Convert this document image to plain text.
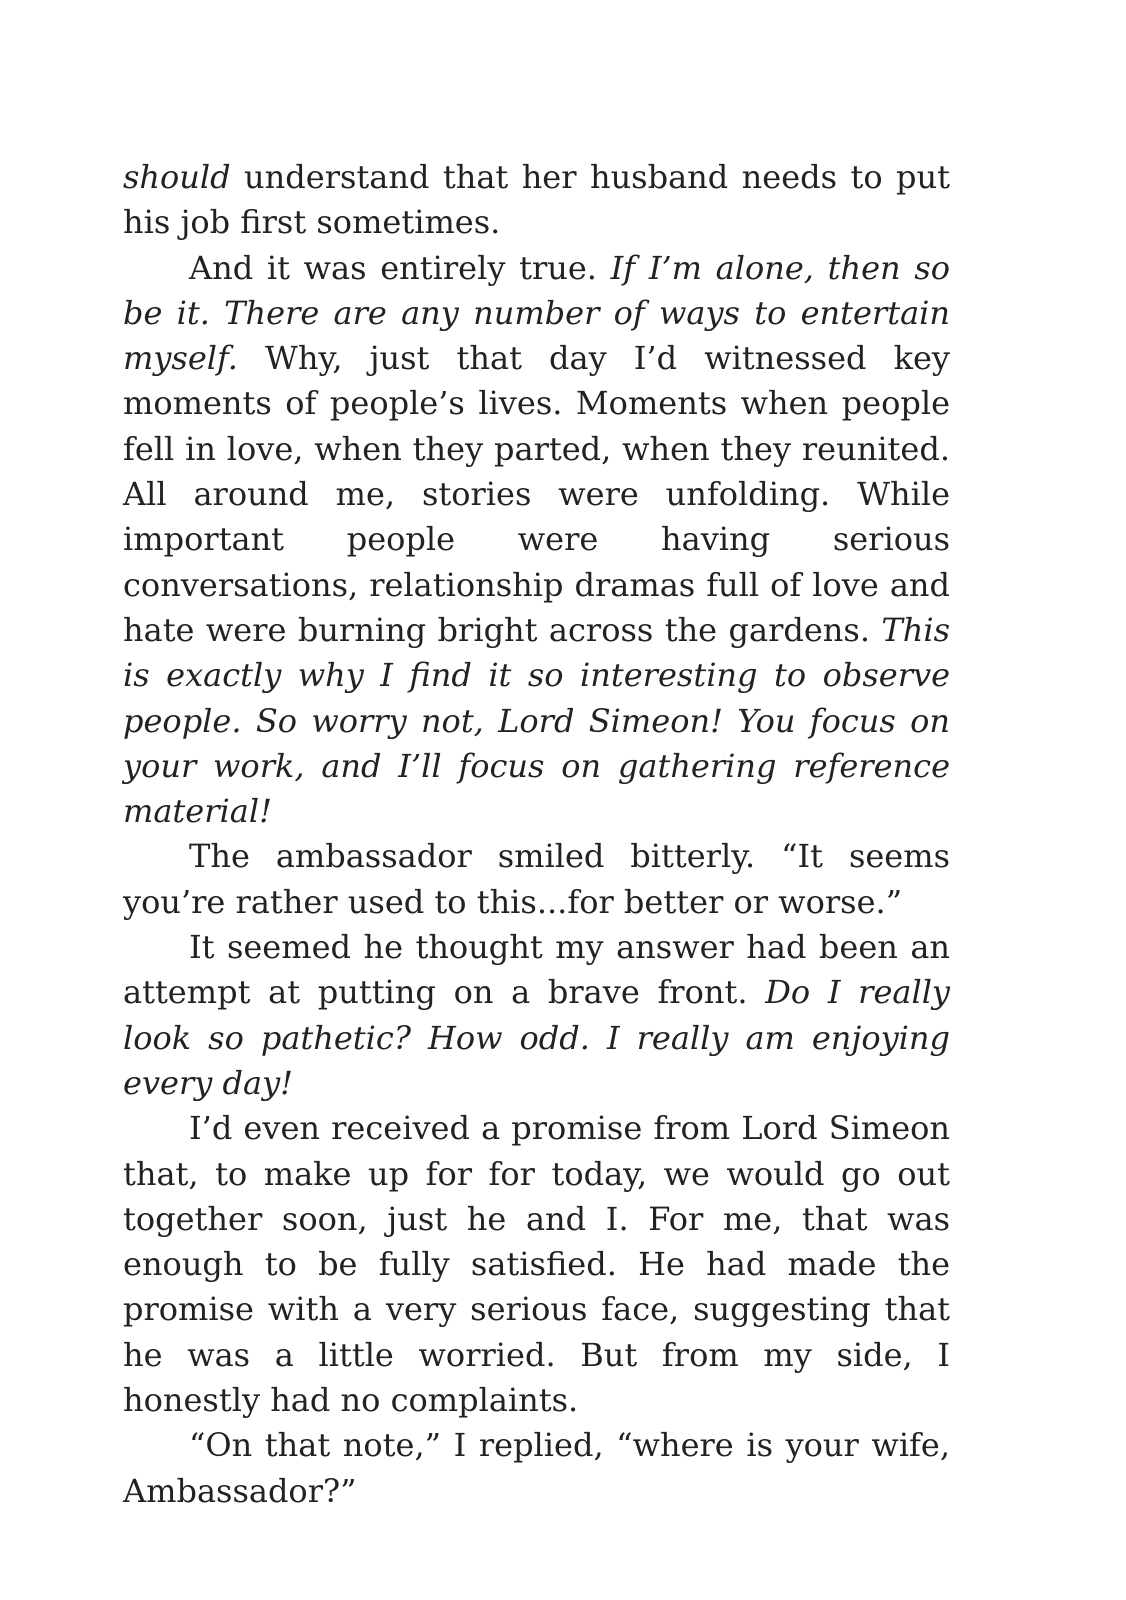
should understand that her husband needs to put his job first sometimes.

And it was entirely true. If I’m alone, then so be it. There are any number of ways to entertain myself. Why, just that day I’d witnessed key moments of people’s lives. Moments when people fell in love, when they parted, when they reunited. All around me, stories were unfolding. While important people were having serious conversations, relationship dramas full of love and hate were burning bright across the gardens. This is exactly why I find it so interesting to observe people. So worry not, Lord Simeon! You focus on your work, and I’ll focus on gathering reference material!

The ambassador smiled bitterly. “It seems you’re rather used to this...for better or worse.”

It seemed he thought my answer had been an attempt at putting on a brave front. Do I really look so pathetic? How odd. I really am enjoying every day!

I’d even received a promise from Lord Simeon that, to make up for for today, we would go out together soon, just he and I. For me, that was enough to be fully satisfied. He had made the promise with a very serious face, suggesting that he was a little worried. But from my side, I honestly had no complaints.

“On that note,” I replied, “where is your wife, Ambassador?”
